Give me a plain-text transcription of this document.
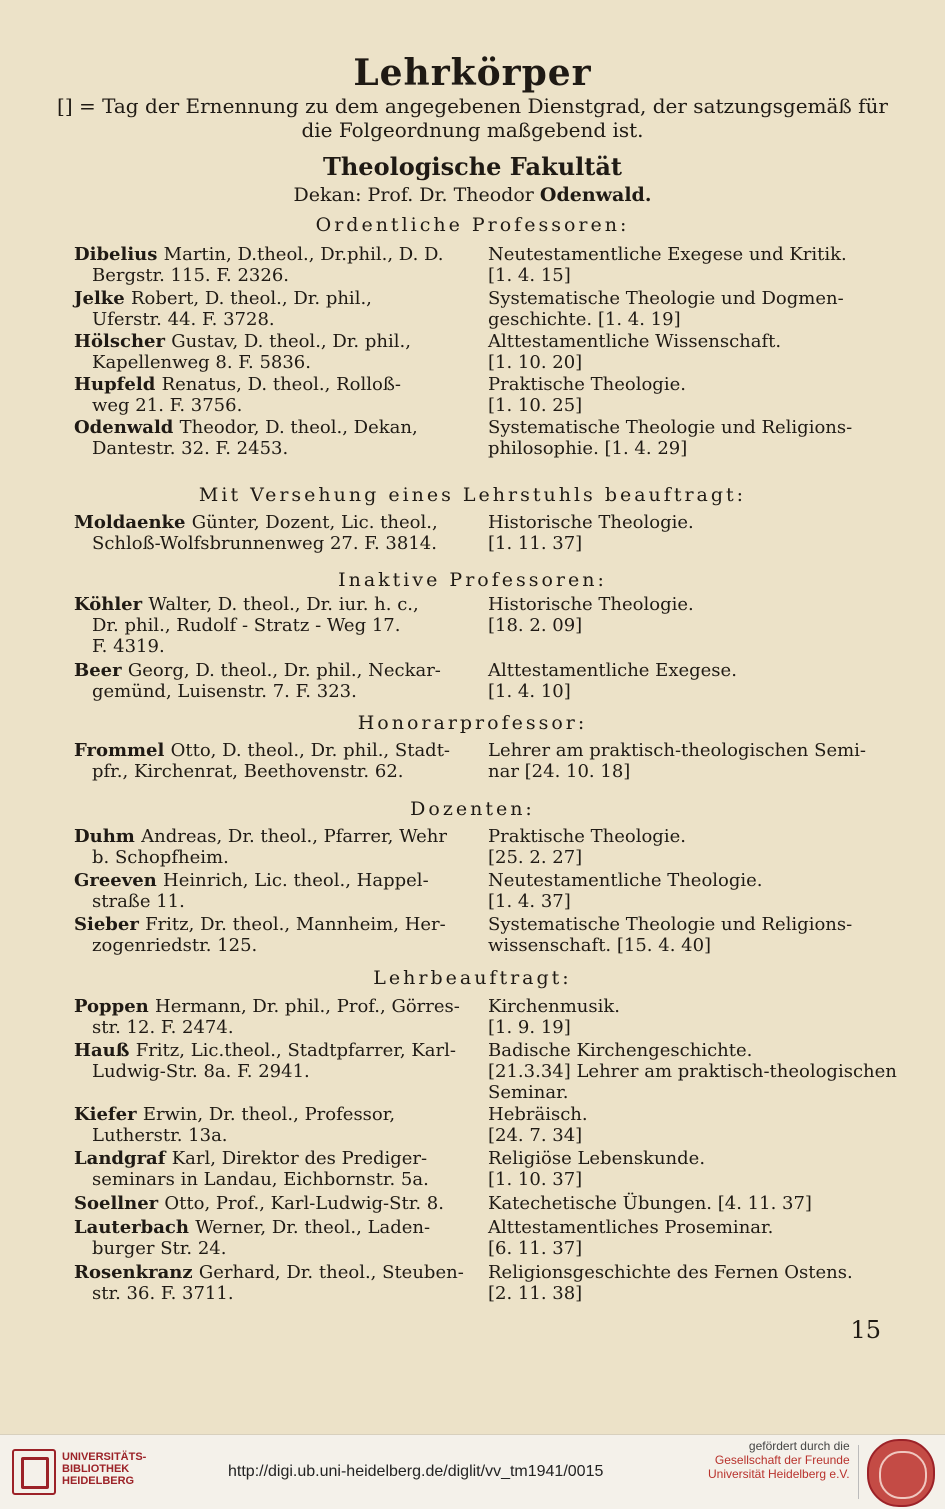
Lehrkörper
[] = Tag der Ernennung zu dem angegebenen Dienstgrad, der satzungsgemäß für die Folgeordnung maßgebend ist.
Theologische Fakultät
Dekan: Prof. Dr. Theodor Odenwald.
Ordentliche Professoren:
Dibelius Martin, D.theol., Dr.phil., D. D.
Bergstr. 115. F. 2326.
Neutestamentliche Exegese und Kritik.
[1. 4. 15]
Jelke Robert, D. theol., Dr. phil.,
Uferstr. 44. F. 3728.
Systematische Theologie und Dogmen-
geschichte. [1. 4. 19]
Hölscher Gustav, D. theol., Dr. phil.,
Kapellenweg 8. F. 5836.
Alttestamentliche Wissenschaft.
[1. 10. 20]
Hupfeld Renatus, D. theol., Rolloß-
weg 21. F. 3756.
Praktische Theologie.
[1. 10. 25]
Odenwald Theodor, D. theol., Dekan,
Dantestr. 32. F. 2453.
Systematische Theologie und Religions-
philosophie. [1. 4. 29]
Mit Versehung eines Lehrstuhls beauftragt:
Moldaenke Günter, Dozent, Lic. theol.,
Schloß-Wolfsbrunnenweg 27. F. 3814.
Historische Theologie.
[1. 11. 37]
Inaktive Professoren:
Köhler Walter, D. theol., Dr. iur. h. c.,
Dr. phil., Rudolf - Stratz - Weg 17.
F. 4319.
Historische Theologie.
[18. 2. 09]
Beer Georg, D. theol., Dr. phil., Neckar-
gemünd, Luisenstr. 7. F. 323.
Alttestamentliche Exegese.
[1. 4. 10]
Honorarprofessor:
Frommel Otto, D. theol., Dr. phil., Stadt-
pfr., Kirchenrat, Beethovenstr. 62.
Lehrer am praktisch-theologischen Semi-
nar [24. 10. 18]
Dozenten:
Duhm Andreas, Dr. theol., Pfarrer, Wehr
b. Schopfheim.
Praktische Theologie.
[25. 2. 27]
Greeven Heinrich, Lic. theol., Happel-
straße 11.
Neutestamentliche Theologie.
[1. 4. 37]
Sieber Fritz, Dr. theol., Mannheim, Her-
zogenriedstr. 125.
Systematische Theologie und Religions-
wissenschaft. [15. 4. 40]
Lehrbeauftragt:
Poppen Hermann, Dr. phil., Prof., Görres-
str. 12. F. 2474.
Kirchenmusik.
[1. 9. 19]
Hauß Fritz, Lic.theol., Stadtpfarrer, Karl-
Ludwig-Str. 8a. F. 2941.
Badische Kirchengeschichte.
[21.3.34] Lehrer am praktisch-theologischen
Seminar.
Kiefer Erwin, Dr. theol., Professor,
Lutherstr. 13a.
Hebräisch.
[24. 7. 34]
Landgraf Karl, Direktor des Prediger-
seminars in Landau, Eichbornstr. 5a.
Religiöse Lebenskunde.
[1. 10. 37]
Soellner Otto, Prof., Karl-Ludwig-Str. 8.	Katechetische Übungen. [4. 11. 37]
Lauterbach Werner, Dr. theol., Laden-
burger Str. 24.
Alttestamentliches Proseminar.
[6. 11. 37]
Rosenkranz Gerhard, Dr. theol., Steuben-
str. 36. F. 3711.
Religionsgeschichte des Fernen Ostens.
[2. 11. 38]
15
UNIVERSITÄTS-
BIBLIOTHEK
HEIDELBERG
http://digi.ub.uni-heidelberg.de/diglit/vv_tm1941/0015
gefördert durch die
Gesellschaft der Freunde
Universität Heidelberg e.V.
